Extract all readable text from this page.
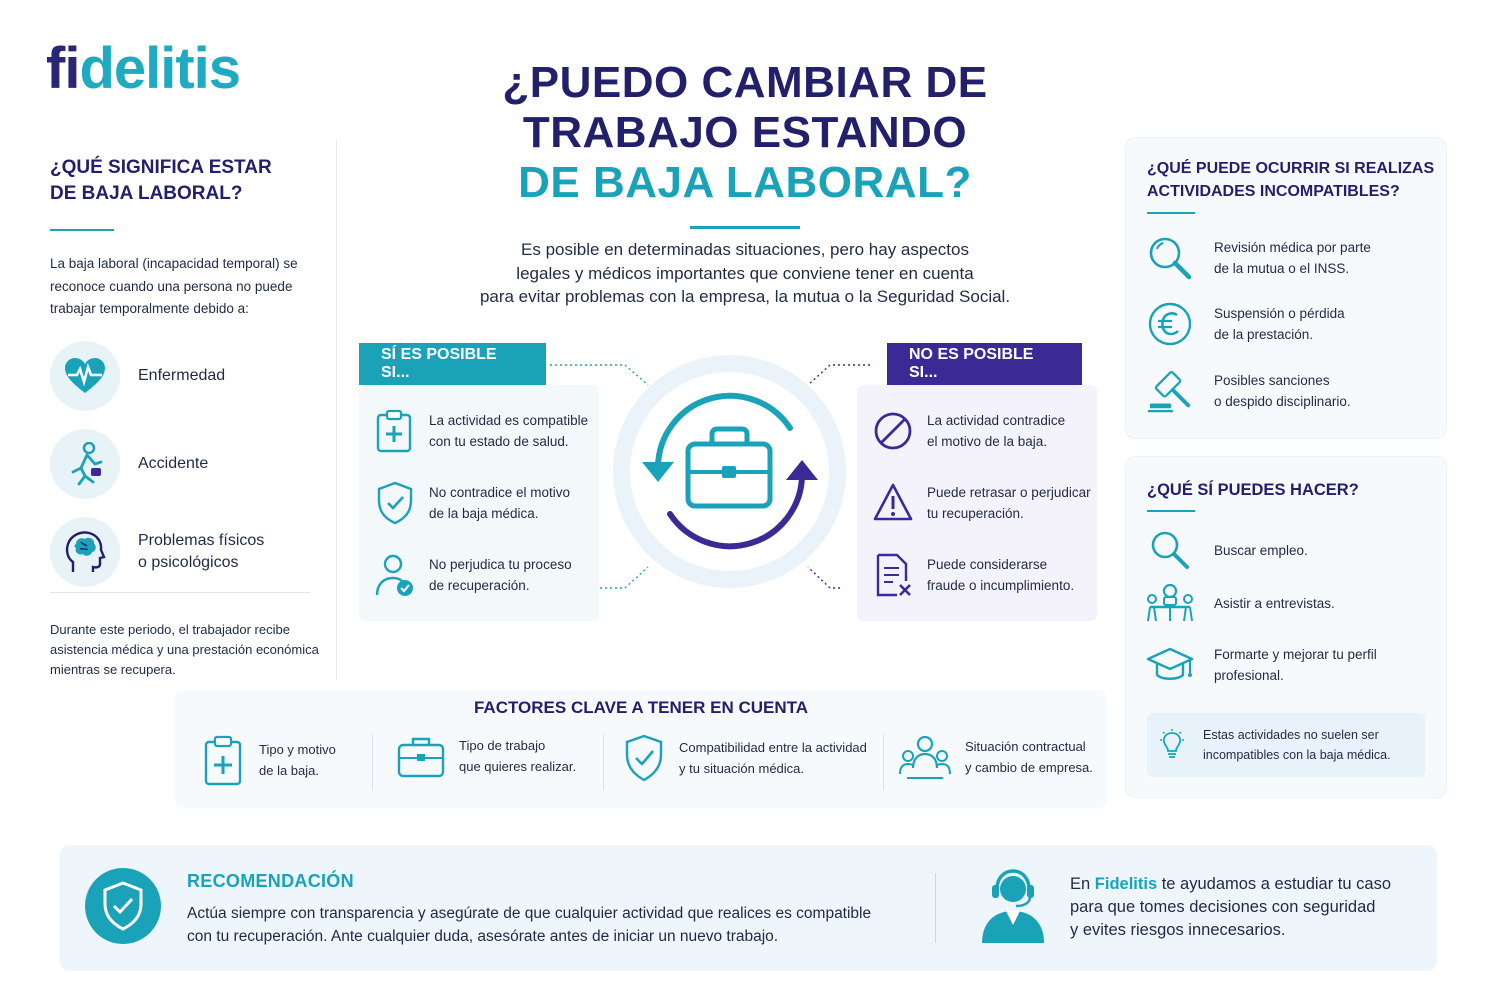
fidelitis	¿PUEDO CAMBIAR DE
TRABAJO ESTANDO
DE BAJA LABORAL?
Es posible en determinadas situaciones, pero hay aspectos
legales y médicos importantes que conviene tener en cuenta
para evitar problemas con la empresa, la mutua o la Seguridad Social.
¿QUÉ SIGNIFICA ESTAR
DE BAJA LABORAL?
La baja laboral (incapacidad temporal) se
reconoce cuando una persona no puede
trabajar temporalmente debido a:
Enfermedad
Accidente
Problemas físicos
o psicológicos
Durante este periodo, el trabajador recibe
asistencia médica y una prestación económica
mientras se recupera.
SÍ ES POSIBLE SI...
La actividad es compatible
con tu estado de salud.
No contradice el motivo
de la baja médica.
No perjudica tu proceso
de recuperación.
NO ES POSIBLE SI...
La actividad contradice
el motivo de la baja.
Puede retrasar o perjudicar
tu recuperación.
Puede considerarse
fraude o incumplimiento.
FACTORES CLAVE A TENER EN CUENTA
Tipo y motivo
de la baja.
Tipo de trabajo
que quieres realizar.
Compatibilidad entre la actividad
y tu situación médica.
Situación contractual
y cambio de empresa.
¿QUÉ PUEDE OCURRIR SI REALIZAS
ACTIVIDADES INCOMPATIBLES?
Revisión médica por parte
de la mutua o el INSS.
Suspensión o pérdida
de la prestación.
Posibles sanciones
o despido disciplinario.
¿QUÉ SÍ PUEDES HACER?
Buscar empleo.
Asistir a entrevistas.
Formarte y mejorar tu perfil
profesional.
Estas actividades no suelen ser
incompatibles con la baja médica.
RECOMENDACIÓN
Actúa siempre con transparencia y asegúrate de que cualquier actividad que realices es compatible
con tu recuperación. Ante cualquier duda, asesórate antes de iniciar un nuevo trabajo.
En Fidelitis te ayudamos a estudiar tu caso
para que tomes decisiones con seguridad
y evites riesgos innecesarios.
